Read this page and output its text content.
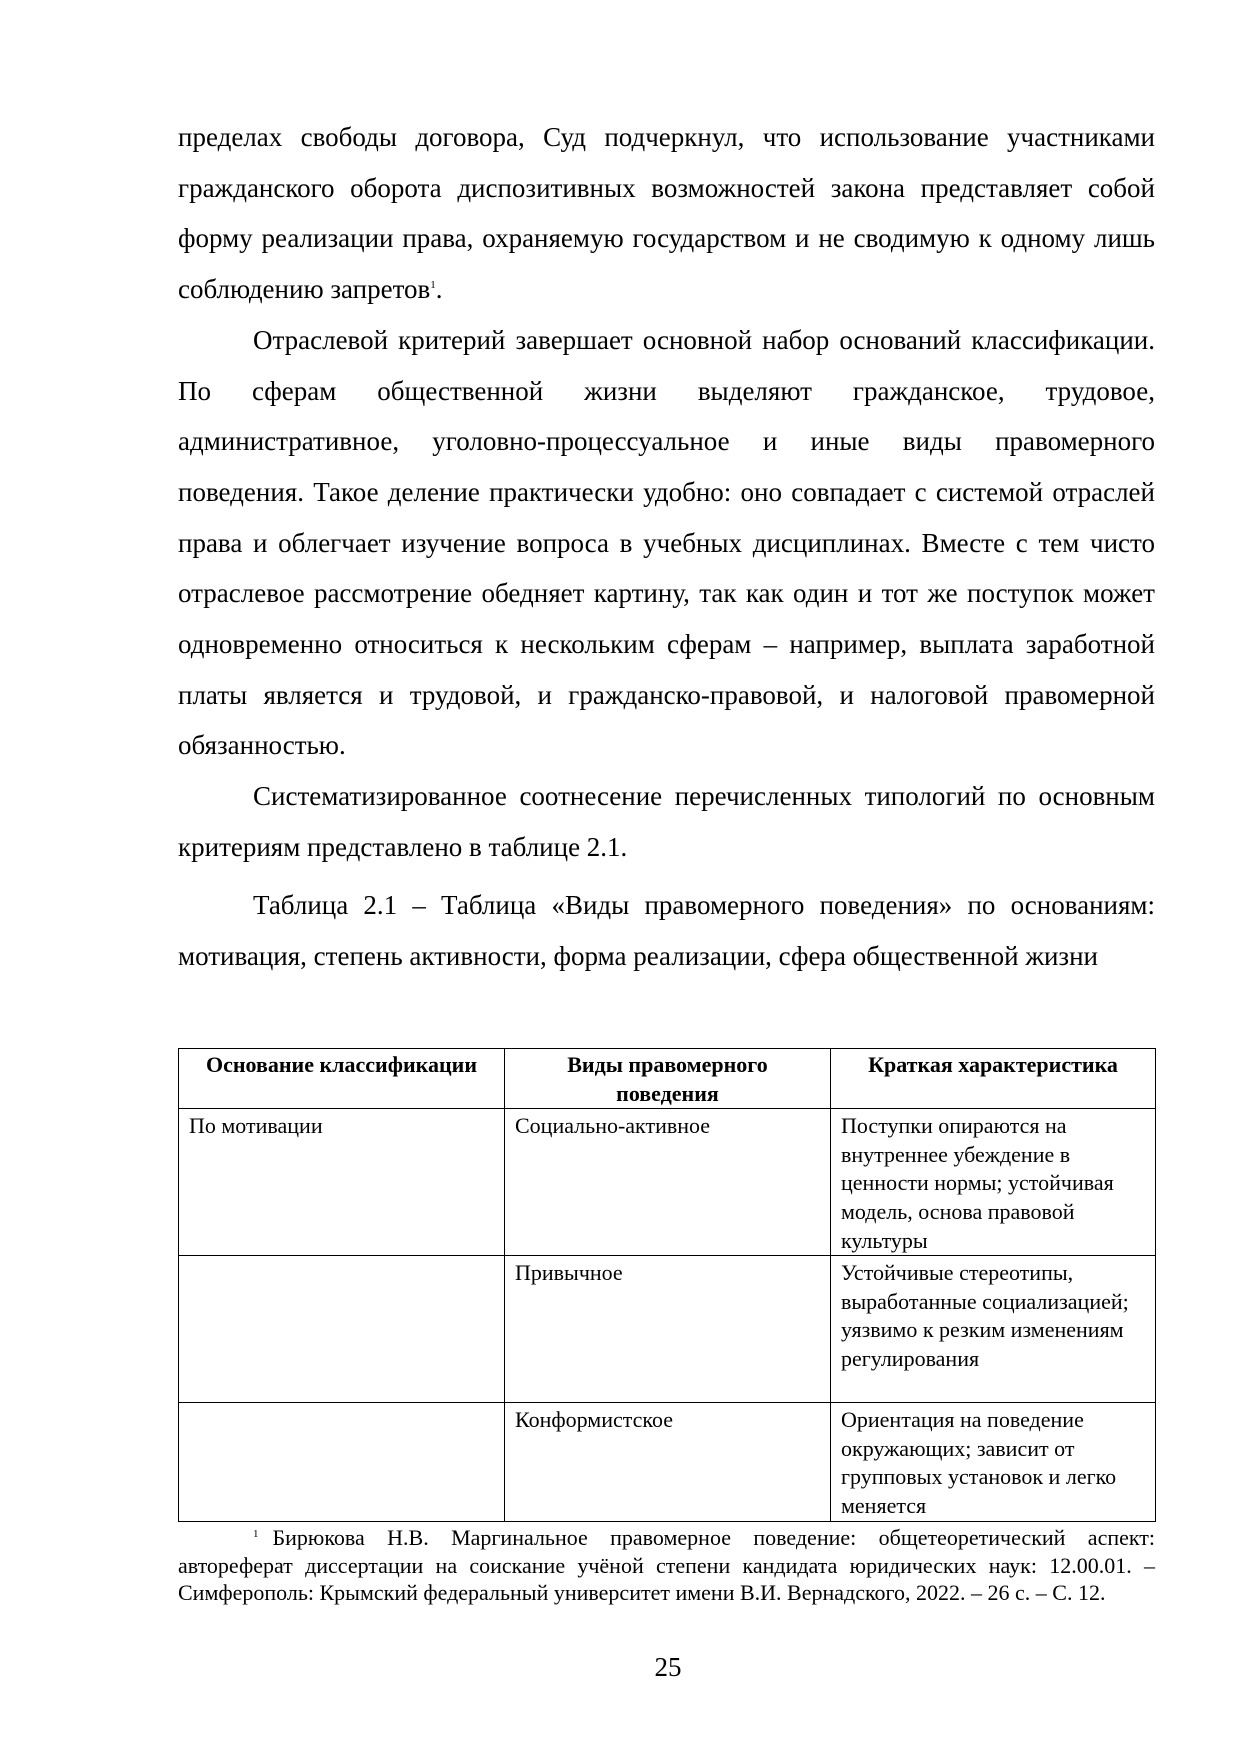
пределах свободы договора, Суд подчеркнул, что использование участниками гражданского оборота диспозитивных возможностей закона представляет собой форму реализации права, охраняемую государством и не сводимую к одному лишь соблюдению запретов$^1$.

Отраслевой критерий завершает основной набор оснований классификации. По сферам общественной жизни выделяют гражданское, трудовое, административное, уголовно-процессуальное и иные виды правомерного поведения. Такое деление практически удобно: оно совпадает с системой отраслей права и облегчает изучение вопроса в учебных дисциплинах. Вместе с тем чисто отраслевое рассмотрение обедняет картину, так как один и тот же поступок может одновременно относиться к нескольким сферам – например, выплата заработной платы является и трудовой, и гражданско-правовой, и налоговой правомерной обязанностью.

Систематизированное соотнесение перечисленных типологий по основным критериям представлено в таблице 2.1.

Таблица 2.1 – Таблица «Виды правомерного поведения» по основаниям: мотивация, степень активности, форма реализации, сфера общественной жизни

Основание классификации	Виды правомерного поведения	Краткая характеристика
По мотивации	Социально-активное	Поступки опираются на внутреннее убеждение в ценности нормы; устойчивая модель, основа правовой культуры
	Привычное	Устойчивые стереотипы, выработанные социализацией; уязвимо к резким изменениям регулирования
	Конформистское	Ориентация на поведение окружающих; зависит от групповых установок и легко меняется

$^1$ Бирюкова Н.В. Маргинальное правомерное поведение: общетеоретический аспект: автореферат диссертации на соискание учёной степени кандидата юридических наук: 12.00.01. – Симферополь: Крымский федеральный университет имени В.И. Вернадского, 2022. – 26 с. – С. 12.

25
